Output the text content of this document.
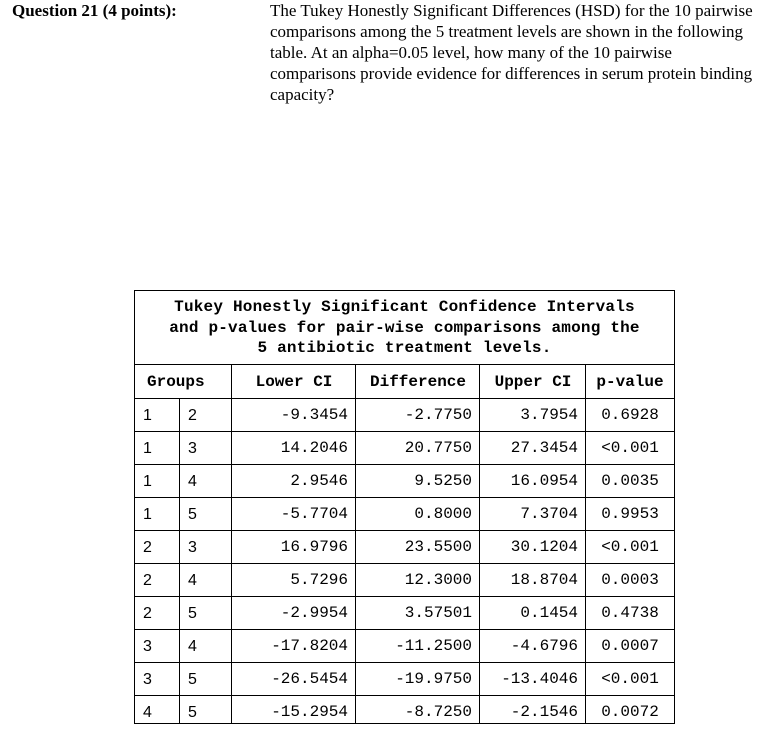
Question 21 (4 points):	The Tukey Honestly Significant Differences (HSD) for the 10 pairwise comparisons among the 5 treatment levels are shown in the following table. At an alpha=0.05 level, how many of the 10 pairwise comparisons provide evidence for differences in serum protein binding capacity?
Tukey Honestly Significant Confidence Intervals
and p-values for pair-wise comparisons among the
5 antibiotic treatment levels.
Groups	Lower CI	Difference	Upper CI	p-value
1	2	-9.3454	-2.7750	3.7954	0.6928
1	3	14.2046	20.7750	27.3454	<0.001
1	4	2.9546	9.5250	16.0954	0.0035
1	5	-5.7704	0.8000	7.3704	0.9953
2	3	16.9796	23.5500	30.1204	<0.001
2	4	5.7296	12.3000	18.8704	0.0003
2	5	-2.9954	3.57501	0.1454	0.4738
3	4	-17.8204	-11.2500	-4.6796	0.0007
3	5	-26.5454	-19.9750	-13.4046	<0.001
4	5	-15.2954	-8.7250	-2.1546	0.0072
